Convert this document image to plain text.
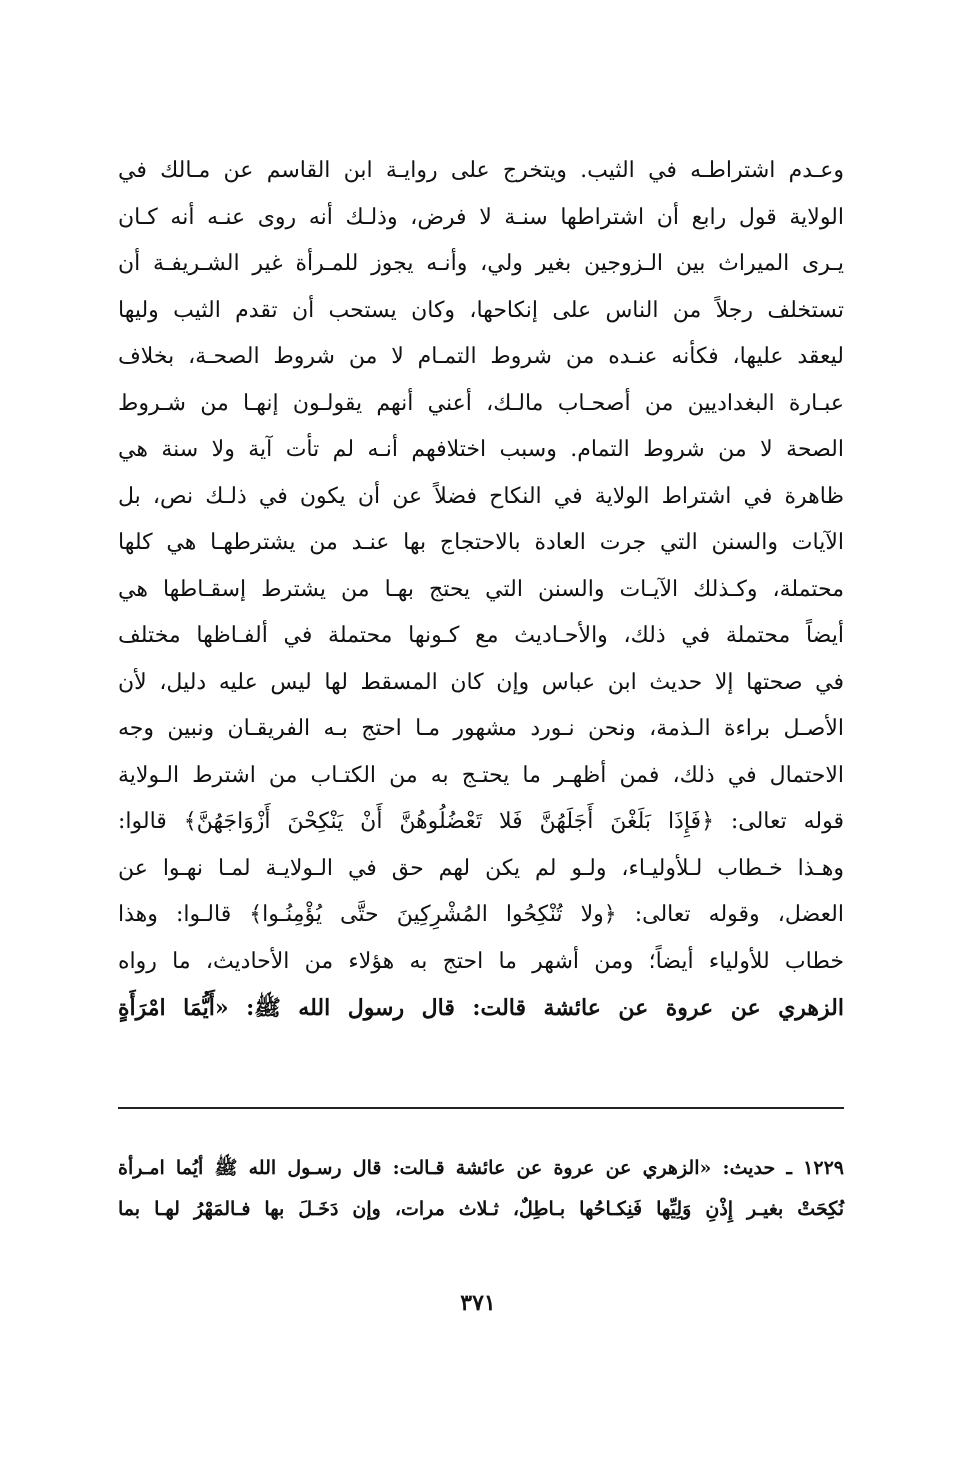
وعـدم اشتراطـه في الثيب. ويتخرج على روايـة ابن القاسم عن مـالك في
الولاية قول رابع أن اشتراطها سنـة لا فرض، وذلـك أنه روى عنـه أنه كـان
يـرى الميراث بين الـزوجين بغير ولي، وأنـه يجوز للمـرأة غير الشـريفـة أن
تستخلف رجلاً من الناس على إنكاحها، وكان يستحب أن تقدم الثيب وليها
ليعقد عليها، فكأنه عنـده من شروط التمـام لا من شروط الصحـة، بخلاف
عبـارة البغداديين من أصحـاب مالـك، أعني أنهم يقولـون إنهـا من شـروط
الصحة لا من شروط التمام. وسبب اختلافهم أنـه لم تأت آية ولا سنة هي
ظاهرة في اشتراط الولاية في النكاح فضلاً عن أن يكون في ذلـك نص، بل
الآيات والسنن التي جرت العادة بالاحتجاج بها عنـد من يشترطهـا هي كلها
محتملة، وكـذلك الآيـات والسنن التي يحتج بهـا من يشترط إسقـاطها هي
أيضاً محتملة في ذلك، والأحـاديث مع كـونها محتملة في ألفـاظها مختلف
في صحتها إلا حديث ابن عباس وإن كان المسقط لها ليس عليه دليل، لأن
الأصـل براءة الـذمة، ونحن نـورد مشهور مـا احتج بـه الفريقـان ونبين وجه
الاحتمال في ذلك، فمن أظهـر ما يحتـج به من الكتـاب من اشترط الـولاية
قوله تعالى: ﴿فَإِذَا بَلَغْنَ أَجَلَهُنَّ فَلا تَعْضُلُوهُنَّ أَنْ يَنْكِحْنَ أَزْوَاجَهُنَّ﴾ قالوا:
وهـذا خـطاب لـلأوليـاء، ولـو لم يكن لهم حق في الـولايـة لمـا نهـوا عن
العضل، وقوله تعالى: ﴿ولا تُنْكِحُوا المُشْرِكِينَ حتَّى يُؤْمِنُـوا﴾ قالـوا: وهذا
خطاب للأولياء أيضاً؛ ومن أشهر ما احتج به هؤلاء من الأحاديث، ما رواه
الزهري عن عروة عن عائشة قالت: قال رسول الله ﷺ: «أَيُّمَا امْرَأَةٍ
١٢٢٩ ـ حديث: «الزهري عن عروة عن عائشة قـالت: قال رسـول الله ﷺ أيُما امـرأة
نُكِحَتْ بغيـر إِذْنِ وَلِيِّها فَنِكـاحُها بـاطِلٌ، ثـلاث مرات، وإن دَخَـلَ بها فـالمَهْرُ لهـا بما
٣٧١
